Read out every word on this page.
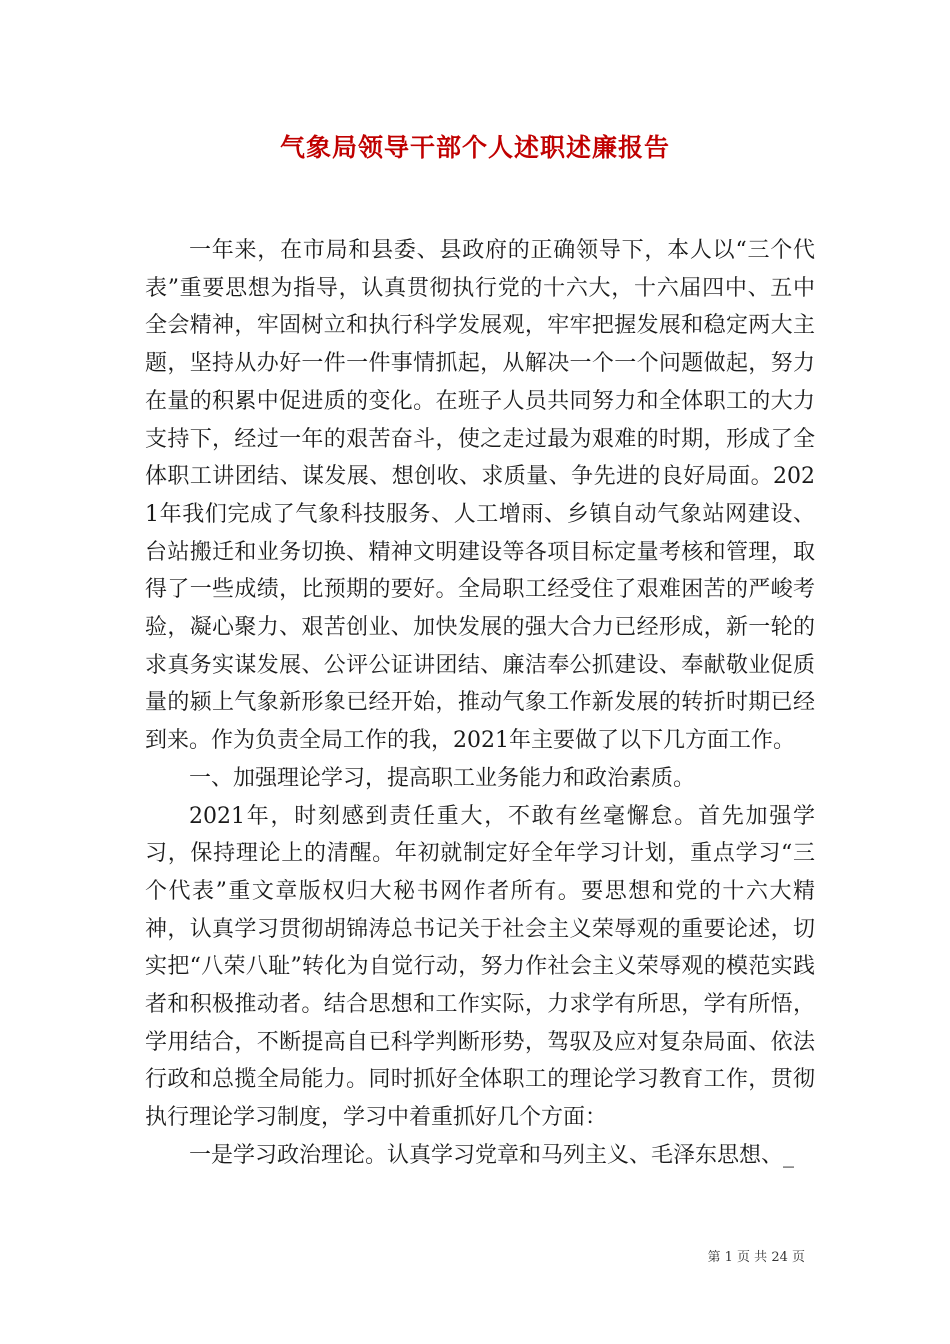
气象局领导干部个人述职述廉报告

一年来，在市局和县委、县政府的正确领导下，本人以“三个代表”重要思想为指导，认真贯彻执行党的十六大，十六届四中、五中全会精神，牢固树立和执行科学发展观，牢牢把握发展和稳定两大主题，坚持从办好一件一件事情抓起，从解决一个一个问题做起，努力在量的积累中促进质的变化。在班子人员共同努力和全体职工的大力支持下，经过一年的艰苦奋斗，使之走过最为艰难的时期，形成了全体职工讲团结、谋发展、想创收、求质量、争先进的良好局面。2021年我们完成了气象科技服务、人工增雨、乡镇自动气象站网建设、台站搬迁和业务切换、精神文明建设等各项目标定量考核和管理，取得了一些成绩，比预期的要好。全局职工经受住了艰难困苦的严峻考验，凝心聚力、艰苦创业、加快发展的强大合力已经形成，新一轮的求真务实谋发展、公评公证讲团结、廉洁奉公抓建设、奉献敬业促质量的颍上气象新形象已经开始，推动气象工作新发展的转折时期已经到来。作为负责全局工作的我，2021年主要做了以下几方面工作。

一、加强理论学习，提高职工业务能力和政治素质。

2021年，时刻感到责任重大，不敢有丝毫懈怠。首先加强学习，保持理论上的清醒。年初就制定好全年学习计划，重点学习“三个代表”重文章版权归大秘书网作者所有。要思想和党的十六大精神，认真学习贯彻胡锦涛总书记关于社会主义荣辱观的重要论述，切实把“八荣八耻”转化为自觉行动，努力作社会主义荣辱观的模范实践者和积极推动者。结合思想和工作实际，力求学有所思，学有所悟，学用结合，不断提高自已科学判断形势，驾驭及应对复杂局面、依法行政和总揽全局能力。同时抓好全体职工的理论学习教育工作，贯彻执行理论学习制度，学习中着重抓好几个方面：

一是学习政治理论。认真学习党章和马列主义、毛泽东思想、_

第 1 页 共 24 页
